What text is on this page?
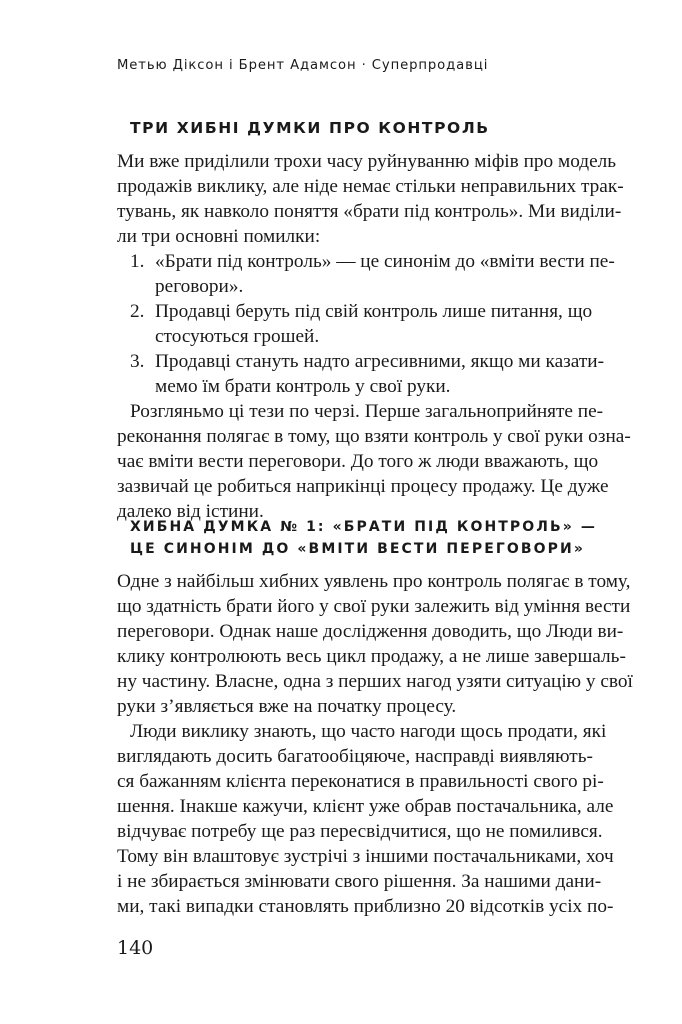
Метью Діксон і Брент Адамсон · Суперпродавці
ТРИ ХИБНІ ДУМКИ ПРО КОНТРОЛЬ
Ми вже приділили трохи часу руйнуванню міфів про модель
продажів виклику, але ніде немає стільки неправильних трак-
тувань, як навколо поняття «брати під контроль». Ми виділи-
ли три основні помилки:
1. «Брати під контроль» — це синонім до «вміти вести пе-
реговори».
2. Продавці беруть під свій контроль лише питання, що
стосуються грошей.
3. Продавці стануть надто агресивними, якщо ми казати-
мемо їм брати контроль у свої руки.
Розгляньмо ці тези по черзі. Перше загальноприйняте пе-
реконання полягає в тому, що взяти контроль у свої руки озна-
чає вміти вести переговори. До того ж люди вважають, що
зазвичай це робиться наприкінці процесу продажу. Це дуже
далеко від істини.
ХИБНА ДУМКА № 1: «БРАТИ ПІД КОНТРОЛЬ» —
ЦЕ СИНОНІМ ДО «ВМІТИ ВЕСТИ ПЕРЕГОВОРИ»
Одне з найбільш хибних уявлень про контроль полягає в тому,
що здатність брати його у свої руки залежить від уміння вести
переговори. Однак наше дослідження доводить, що Люди ви-
клику контролюють весь цикл продажу, а не лише завершаль-
ну частину. Власне, одна з перших нагод узяти ситуацію у свої
руки з’являється вже на початку процесу.
Люди виклику знають, що часто нагоди щось продати, які
виглядають досить багатообіцяюче, насправді виявляють-
ся бажанням клієнта переконатися в правильності свого рі-
шення. Інакше кажучи, клієнт уже обрав постачальника, але
відчуває потребу ще раз пересвідчитися, що не помилився.
Тому він влаштовує зустрічі з іншими постачальниками, хоч
і не збирається змінювати свого рішення. За нашими дани-
ми, такі випадки становлять приблизно 20 відсотків усіх по-
140
